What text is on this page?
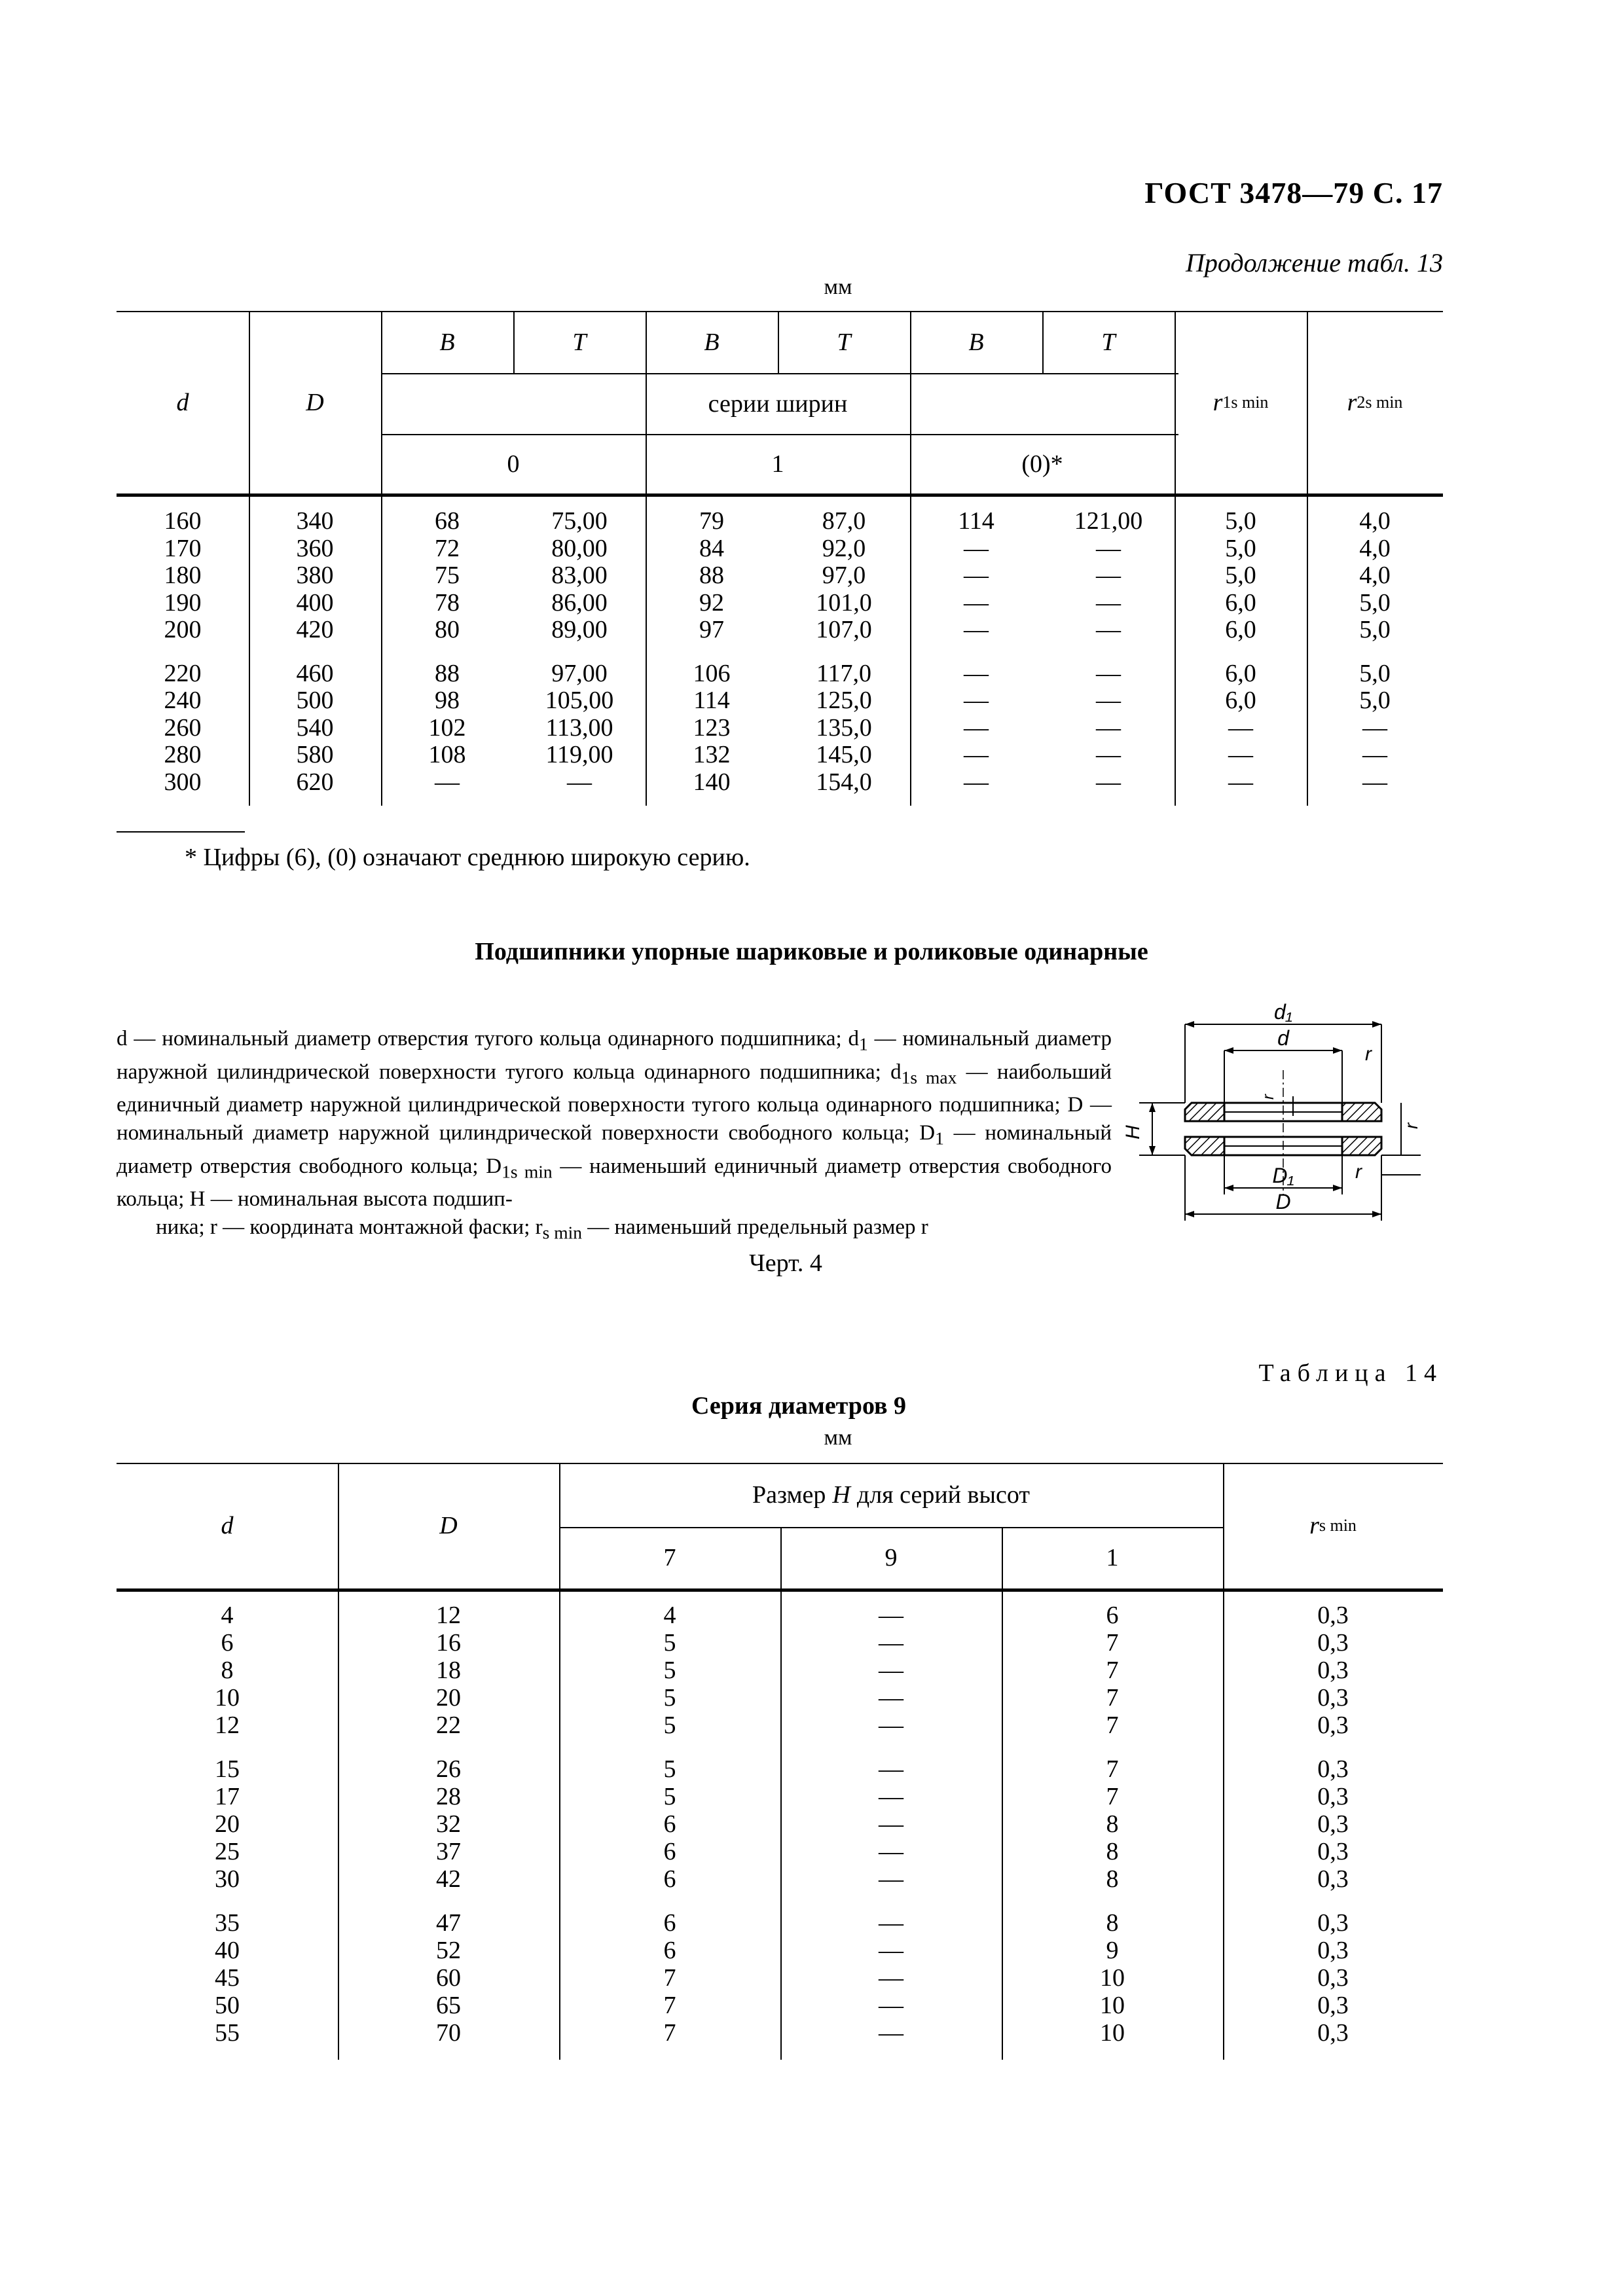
ГОСТ 3478—79 С. 17
Продолжение табл. 13
мм
d	D
B	T	B	T	B	T
серии ширин
0	1	(0)*
r 1s min	r 2s min
160	340	68	75,00	79	87,0	114	121,00	5,0	4,0
170	360	72	80,00	84	92,0	—	—	5,0	4,0
180	380	75	83,00	88	97,0	—	—	5,0	4,0
190	400	78	86,00	92	101,0	—	—	6,0	5,0
200	420	80	89,00	97	107,0	—	—	6,0	5,0
220	460	88	97,00	106	117,0	—	—	6,0	5,0
240	500	98	105,00	114	125,0	—	—	6,0	5,0
260	540	102	113,00	123	135,0	—	—	—	—
280	580	108	119,00	132	145,0	—	—	—	—
300	620	—	—	140	154,0	—	—	—	—
* Цифры (6), (0) означают среднюю широкую серию.
Подшипники упорные шариковые и роликовые одинарные
d — номинальный диаметр отверстия тугого кольца одинарного подшипника; $d_1$ — номинальный диаметр наружной цилиндрической поверхности тугого кольца одинарного подшипника; $d_{1s max}$ — наибольший единичный диаметр наружной цилиндрической поверхности тугого кольца одинарного подшипника; D — номинальный диаметр наружной цилиндрической поверхности свободного кольца; $D_1$ — номинальный диаметр отверстия свободного кольца; $D_{1s min}$ — наименьший единичный диаметр отверстия свободного кольца; H — номинальная высота подшип-
ника; r — координата монтажной фаски; $r_{s min}$ — наименьший предельный размер r
d₁
d
r
r
H	r
r
D₁
D
Черт. 4
Таблица 14
Серия диаметров 9
мм
d	D
Размер H для серий высот
7	9	1
r s min
4	12	4	—	6	0,3
6	16	5	—	7	0,3
8	18	5	—	7	0,3
10	20	5	—	7	0,3
12	22	5	—	7	0,3
15	26	5	—	7	0,3
17	28	5	—	7	0,3
20	32	6	—	8	0,3
25	37	6	—	8	0,3
30	42	6	—	8	0,3
35	47	6	—	8	0,3
40	52	6	—	9	0,3
45	60	7	—	10	0,3
50	65	7	—	10	0,3
55	70	7	—	10	0,3
